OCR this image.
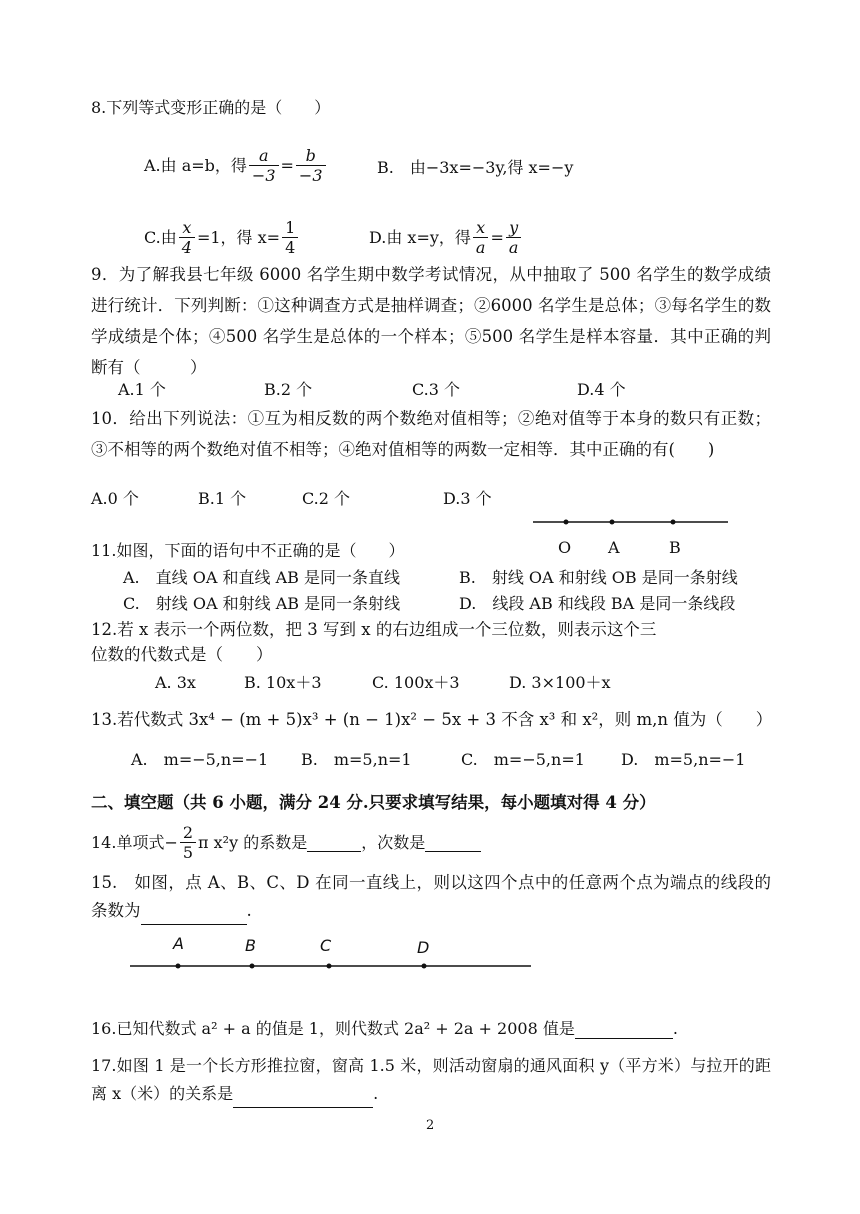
8.下列等式变形正确的是（　　）
A.由 a=b，得 $\frac{a}{-3} = \frac{b}{-3}$	B.　由−3x=−3y,得 x=−y
C.由 $\frac{x}{4} =1$，得 $x= \frac{1}{4}$	D.由 x=y，得 $\frac{x}{a} = \frac{y}{a}$
9．为了解我县七年级 6000 名学生期中数学考试情况，从中抽取了 500 名学生的数学成绩进行统计．下列判断：①这种调查方式是抽样调查；②6000 名学生是总体；③每名学生的数学成绩是个体；④500 名学生是总体的一个样本；⑤500 名学生是样本容量．其中正确的判断有（　　　）
A.1 个	B.2 个	C.3 个	D.4 个
10．给出下列说法：①互为相反数的两个数绝对值相等；②绝对值等于本身的数只有正数；③不相等的两个数绝对值不相等；④绝对值相等的两数一定相等．其中正确的有(　　)
A.0 个	B.1 个	C.2 个	D.3 个
O A	B
11.如图，下面的语句中不正确的是（　　）
A.　直线 OA 和直线 AB 是同一条直线	B.　射线 OA 和射线 OB 是同一条射线
C.　射线 OA 和射线 AB 是同一条射线	D.　线段 AB 和线段 BA 是同一条线段
12.若 x 表示一个两位数，把 3 写到 x 的右边组成一个三位数，则表示这个三
位数的代数式是（　　）
A. 3x	B. 10x＋3	C. 100x＋3	D. 3×100＋x
13.若代数式 3x⁴ − (m + 5)x³ + (n − 1)x² − 5x + 3 不含 x³ 和 x²，则 m,n 值为（　　）
A.　m=−5,n=−1 B.　m=5,n=1	C.　m=−5,n=1 D.　m=5,n=−1
二、填空题（共 6 小题，满分 24 分.只要求填写结果，每小题填对得 4 分）
14.单项式− $\frac{2}{5}$ π x²y 的系数是	，次数是
15.　如图，点 A、B、C、D 在同一直线上，则以这四个点中的任意两个点为端点的线段的条数为	.
A	B	C	D
16.已知代数式 a² + a 的值是 1，则代数式 2a² + 2a + 2008 值是	.
17.如图 1 是一个长方形推拉窗，窗高 1.5 米，则活动窗扇的通风面积 y（平方米）与拉开的距离 x（米）的关系是	.
2
